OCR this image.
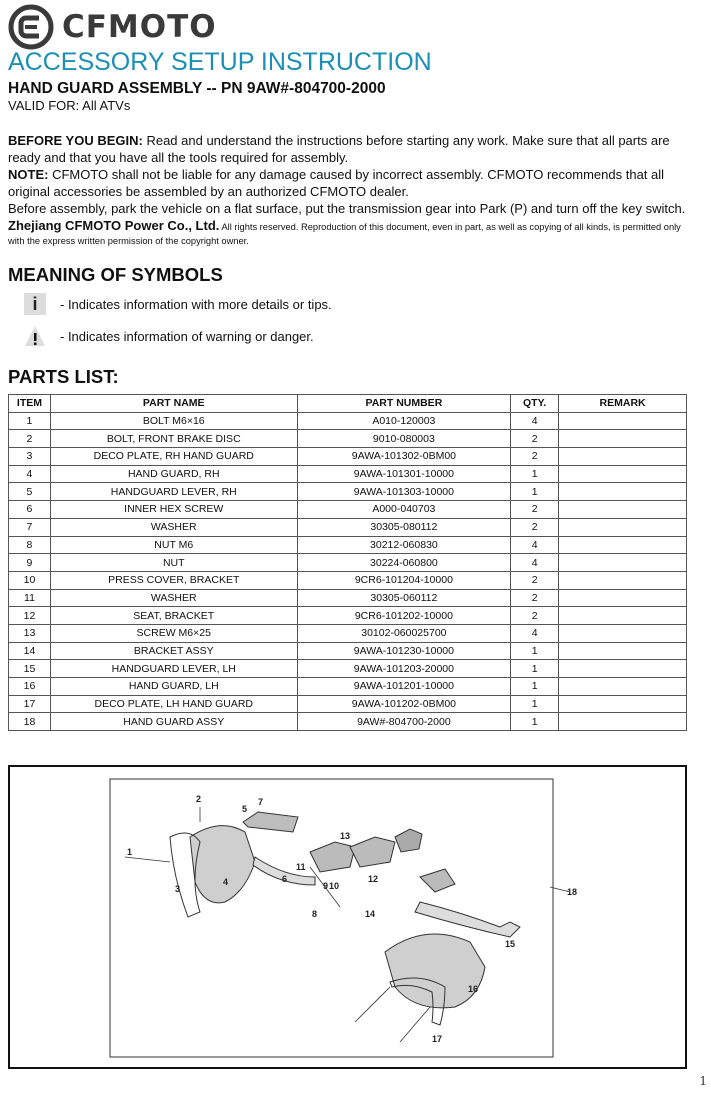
CFMOTO
ACCESSORY SETUP INSTRUCTION
HAND GUARD ASSEMBLY -- PN 9AW#-804700-2000
VALID FOR: All ATVs
BEFORE YOU BEGIN: Read and understand the instructions before starting any work. Make sure that all parts are ready and that you have all the tools required for assembly.
NOTE: CFMOTO shall not be liable for any damage caused by incorrect assembly. CFMOTO recommends that all original accessories be assembled by an authorized CFMOTO dealer.
Before assembly, park the vehicle on a flat surface, put the transmission gear into Park (P) and turn off the key switch.
Zhejiang CFMOTO Power Co., Ltd. All rights reserved. Reproduction of this document, even in part, as well as copying of all kinds, is permitted only with the express written permission of the copyright owner.
MEANING OF SYMBOLS
i - Indicates information with more details or tips.
- Indicates information of warning or danger.
PARTS LIST:
ITEM	PART NAME	PART NUMBER	QTY.	REMARK
1	BOLT M6×16	A010-120003	4	
2	BOLT, FRONT BRAKE DISC	9010-080003	2	
3	DECO PLATE, RH HAND GUARD	9AWA-101302-0BM00	2	
4	HAND GUARD, RH	9AWA-101301-10000	1	
5	HANDGUARD LEVER, RH	9AWA-101303-10000	1	
6	INNER HEX SCREW	A000-040703	2	
7	WASHER	30305-080112	2	
8	NUT M6	30212-060830	4	
9	NUT	30224-060800	4	
10	PRESS COVER, BRACKET	9CR6-101204-10000	2	
11	WASHER	30305-060112	2	
12	SEAT, BRACKET	9CR6-101202-10000	2	
13	SCREW M6×25	30102-060025700	4	
14	BRACKET ASSY	9AWA-101230-10000	1	
15	HANDGUARD LEVER, LH	9AWA-101203-20000	1	
16	HAND GUARD, LH	9AWA-101201-10000	1	
17	DECO PLATE, LH HAND GUARD	9AWA-101202-0BM00	1	
18	HAND GUARD ASSY	9AW#-804700-2000	1	
1
2
3
4
5
6
7
8
9 10
11
12
13
14
15
16
17
18
1
